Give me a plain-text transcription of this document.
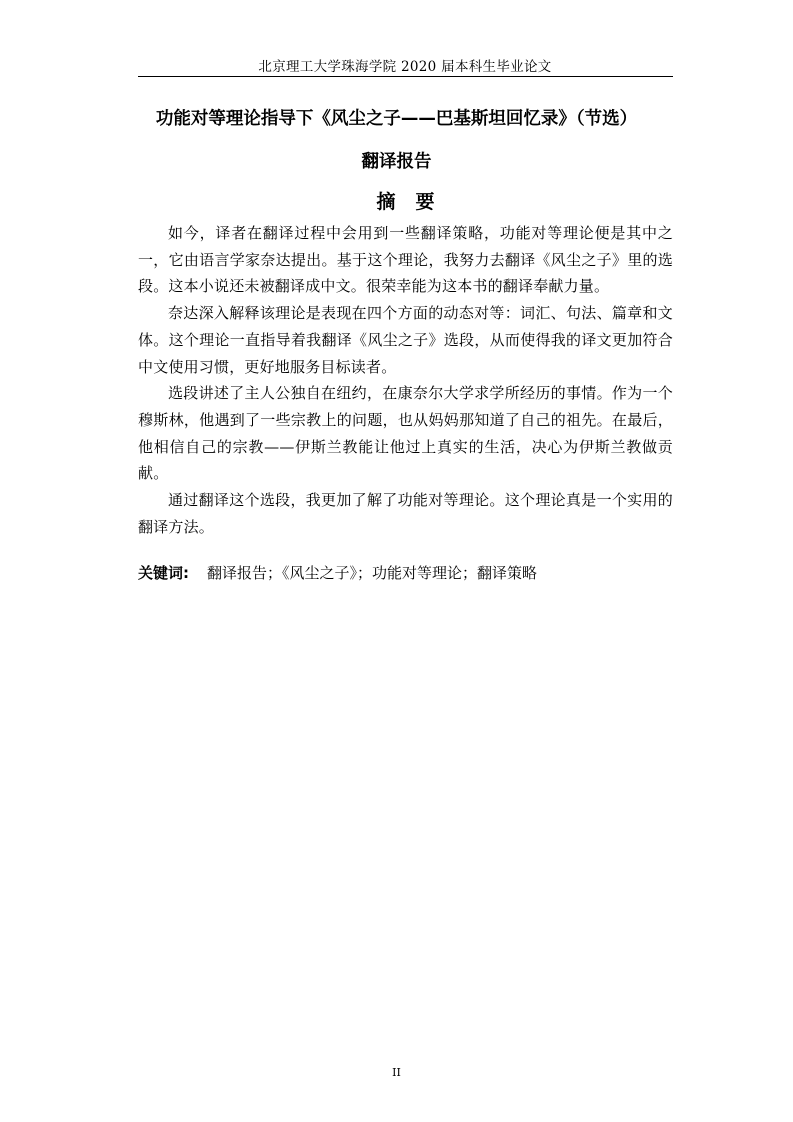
北京理工大学珠海学院 2020 届本科生毕业论文
功能对等理论指导下《风尘之子——巴基斯坦回忆录》（节选）
翻译报告
摘要

如今，译者在翻译过程中会用到一些翻译策略，功能对等理论便是其中之一，它由语言学家奈达提出。基于这个理论，我努力去翻译《风尘之子》里的选段。这本小说还未被翻译成中文。很荣幸能为这本书的翻译奉献力量。

奈达深入解释该理论是表现在四个方面的动态对等：词汇、句法、篇章和文体。这个理论一直指导着我翻译《风尘之子》选段，从而使得我的译文更加符合中文使用习惯，更好地服务目标读者。

选段讲述了主人公独自在纽约，在康奈尔大学求学所经历的事情。作为一个穆斯林，他遇到了一些宗教上的问题，也从妈妈那知道了自己的祖先。在最后，他相信自己的宗教——伊斯兰教能让他过上真实的生活，决心为伊斯兰教做贡献。

通过翻译这个选段，我更加了解了功能对等理论。这个理论真是一个实用的翻译方法。

关键词: 翻译报告；《风尘之子》；功能对等理论；翻译策略
II
